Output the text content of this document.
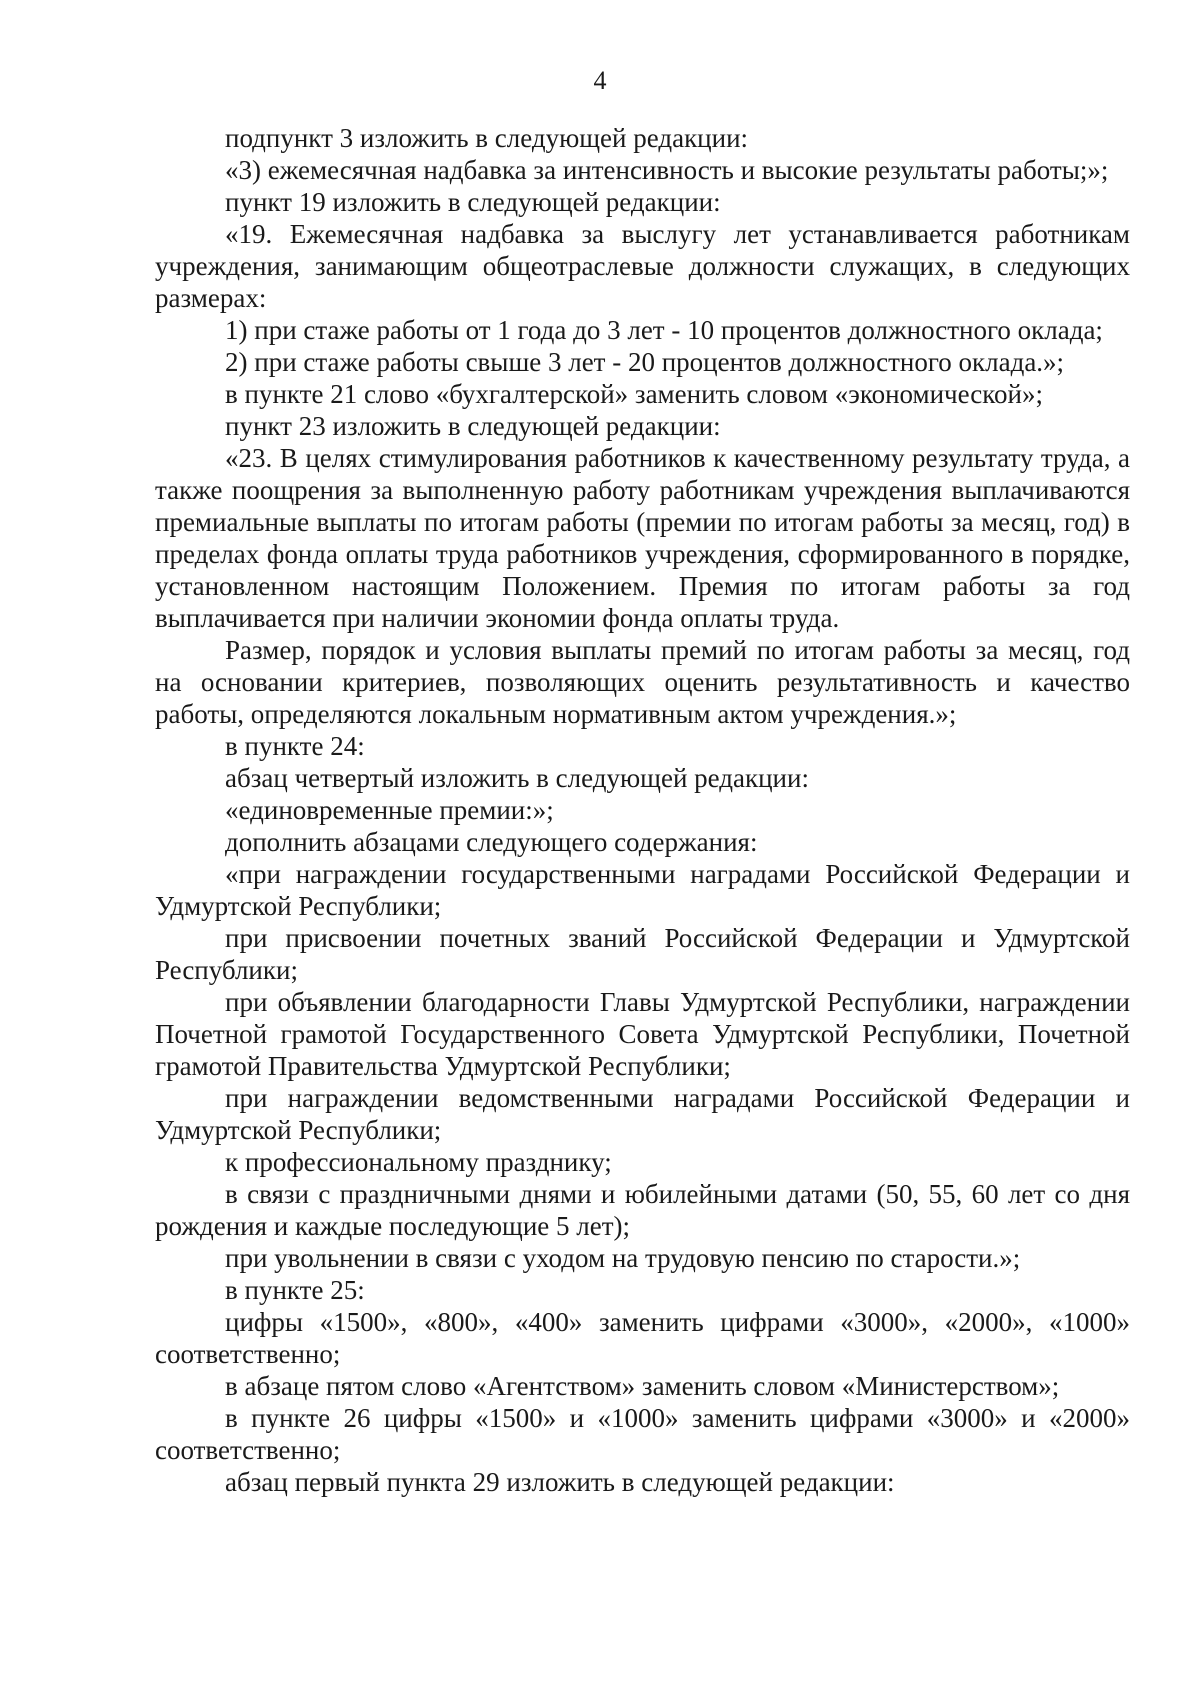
4

подпункт 3 изложить в следующей редакции:

«3) ежемесячная надбавка за интенсивность и высокие результаты работы;»;

пункт 19 изложить в следующей редакции:

«19. Ежемесячная надбавка за выслугу лет устанавливается работникам учреждения, занимающим общеотраслевые должности служащих, в следующих размерах:

1) при стаже работы от 1 года до 3 лет - 10 процентов должностного оклада;

2) при стаже работы свыше 3 лет - 20 процентов должностного оклада.»;

в пункте 21 слово «бухгалтерской» заменить словом «экономической»;

пункт 23 изложить в следующей редакции:

«23. В целях стимулирования работников к качественному результату труда, а также поощрения за выполненную работу работникам учреждения выплачиваются премиальные выплаты по итогам работы (премии по итогам работы за месяц, год) в пределах фонда оплаты труда работников учреждения, сформированного в порядке, установленном настоящим Положением. Премия по итогам работы за год выплачивается при наличии экономии фонда оплаты труда.

Размер, порядок и условия выплаты премий по итогам работы за месяц, год на основании критериев, позволяющих оценить результативность и качество работы, определяются локальным нормативным актом учреждения.»;

в пункте 24:

абзац четвертый изложить в следующей редакции:

«единовременные премии:»;

дополнить абзацами следующего содержания:

«при награждении государственными наградами Российской Федерации и Удмуртской Республики;

при присвоении почетных званий Российской Федерации и Удмуртской Республики;

при объявлении благодарности Главы Удмуртской Республики, награждении Почетной грамотой Государственного Совета Удмуртской Республики, Почетной грамотой Правительства Удмуртской Республики;

при награждении ведомственными наградами Российской Федерации и Удмуртской Республики;

к профессиональному празднику;

в связи с праздничными днями и юбилейными датами (50, 55, 60 лет со дня рождения и каждые последующие 5 лет);

при увольнении в связи с уходом на трудовую пенсию по старости.»;

в пункте 25:

цифры «1500», «800», «400» заменить цифрами «3000», «2000», «1000» соответственно;

в абзаце пятом слово «Агентством» заменить словом «Министерством»;

в пункте 26 цифры «1500» и «1000» заменить цифрами «3000» и «2000» соответственно;

абзац первый пункта 29 изложить в следующей редакции:
